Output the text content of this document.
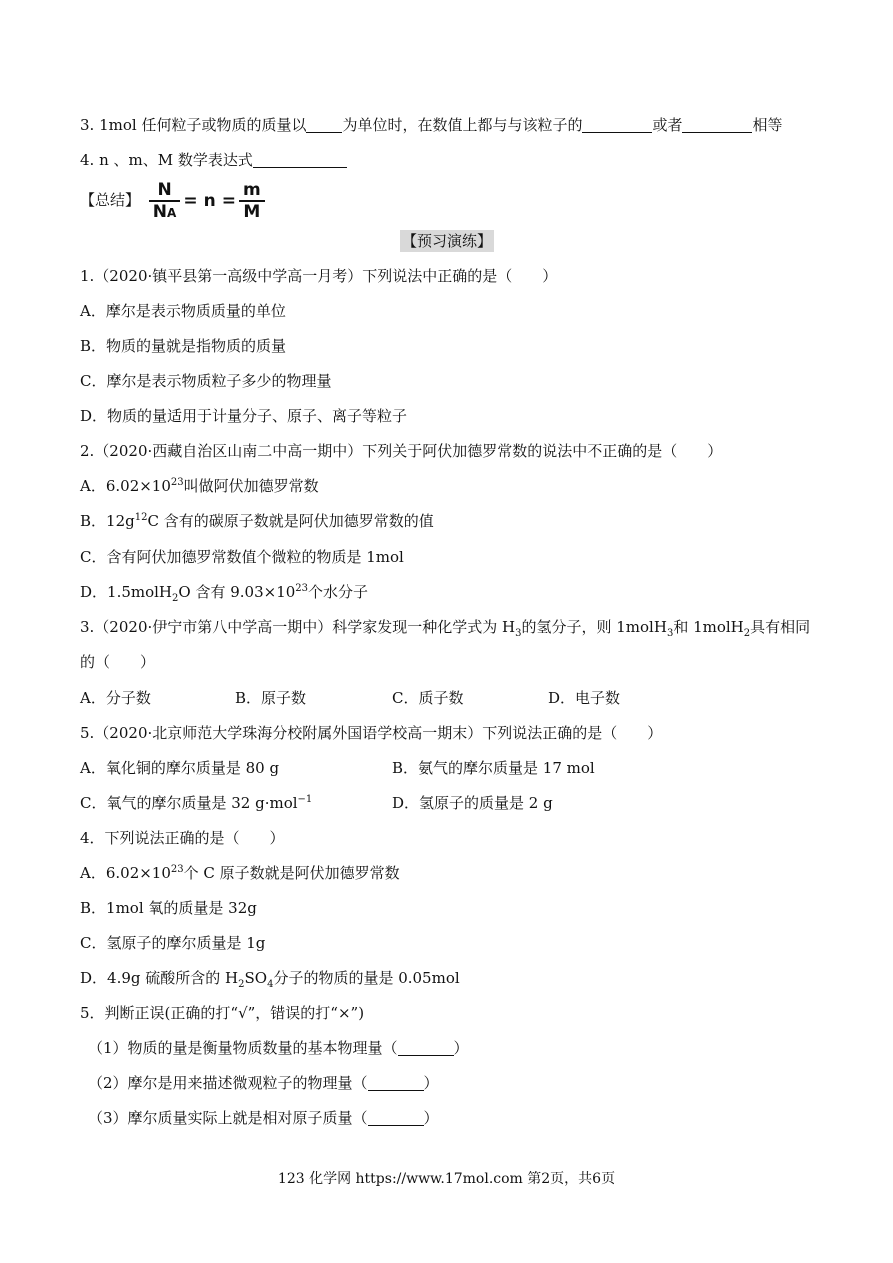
3. 1mol 任何粒子或物质的质量以 为单位时，在数值上都与与该粒子的	或者	相等
4. n 、m、M 数学表达式
【总结】 $\frac{N}{NA} = n = \frac{m}{M}$
【预习演练】
1.（2020·镇平县第一高级中学高一月考）下列说法中正确的是（　　）
A．摩尔是表示物质质量的单位
B．物质的量就是指物质的质量
C．摩尔是表示物质粒子多少的物理量
D．物质的量适用于计量分子、原子、离子等粒子
2.（2020·西藏自治区山南二中高一期中）下列关于阿伏加德罗常数的说法中不正确的是（　　）
A．$6.02\times 10^{23}$叫做阿伏加德罗常数
B．$12g^{12}C$ 含有的碳原子数就是阿伏加德罗常数的值
C．含有阿伏加德罗常数值个微粒的物质是 1mol
D．1.5molH$_2$O 含有 $9.03\times 10^{23}$个水分子
3.（2020·伊宁市第八中学高一期中）科学家发现一种化学式为 $H_3$的氢分子，则 1molH$_3$和 1molH$_2$具有相同
的（　　）
A．分子数	B．原子数	C．质子数	D．电子数
5.（2020·北京师范大学珠海分校附属外国语学校高一期末）下列说法正确的是（　　）
A．氧化铜的摩尔质量是 80 g	B．氨气的摩尔质量是 17 mol
C．氧气的摩尔质量是 32 g·mol$^{-1}$	D．氢原子的质量是 2 g
4．下列说法正确的是（　　）
A．$6.02\times 10^{23}$个 C 原子数就是阿伏加德罗常数
B．1mol 氧的质量是 32g
C．氢原子的摩尔质量是 1g
D．4.9g 硫酸所含的 $H_2SO_4$分子的物质的量是 0.05mol
5．判断正误(正确的打“√”，错误的打“×”)
（1）物质的量是衡量物质数量的基本物理量（	）
（2）摩尔是用来描述微观粒子的物理量（	）
（3）摩尔质量实际上就是相对原子质量（	）
123 化学网 https://www.17mol.com 第2页，共6页
